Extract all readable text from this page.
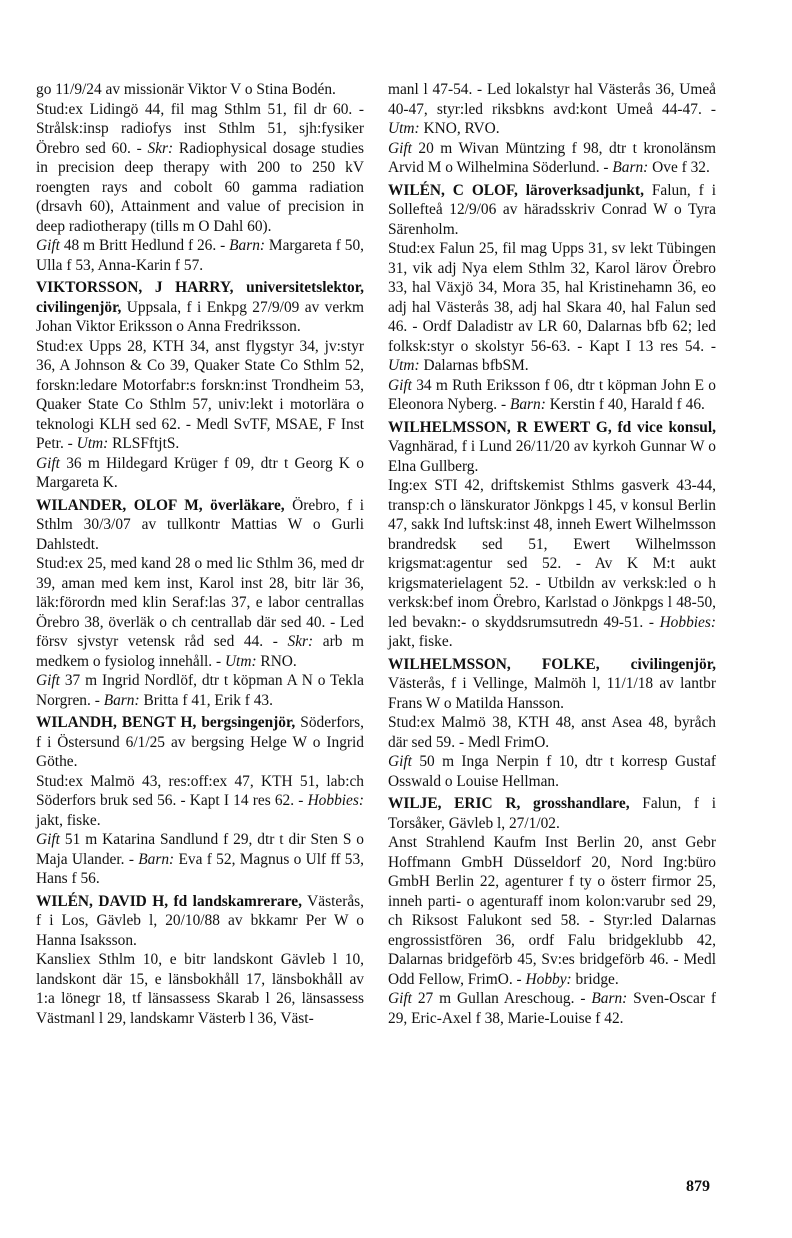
go 11/9/24 av missionär Viktor V o Stina Bodén.

Stud:ex Lidingö 44, fil mag Sthlm 51, fil dr 60. - Strålsk:insp radiofys inst Sthlm 51, sjh:fysiker Örebro sed 60. - Skr: Radiophysical dosage studies in precision deep therapy with 200 to 250 kV roengten rays and cobolt 60 gamma radiation (drsavh 60), Attainment and value of precision in deep radiotherapy (tills m O Dahl 60).

Gift 48 m Britt Hedlund f 26. - Barn: Margareta f 50, Ulla f 53, Anna-Karin f 57.

VIKTORSSON, J HARRY, universitetslektor, civilingenjör, Uppsala, f i Enkpg 27/9/09 av verkm Johan Viktor Eriksson o Anna Fredriksson.

Stud:ex Upps 28, KTH 34, anst flygstyr 34, jv:styr 36, A Johnson & Co 39, Quaker State Co Sthlm 52, forskn:ledare Motorfabr:s forskn:inst Trondheim 53, Quaker State Co Sthlm 57, univ:lekt i motorlära o teknologi KLH sed 62. - Medl SvTF, MSAE, F Inst Petr. - Utm: RLSFftjtS.

Gift 36 m Hildegard Krüger f 09, dtr t Georg K o Margareta K.

WILANDER, OLOF M, överläkare, Örebro, f i Sthlm 30/3/07 av tullkontr Mattias W o Gurli Dahlstedt.

Stud:ex 25, med kand 28 o med lic Sthlm 36, med dr 39, aman med kem inst, Karol inst 28, bitr lär 36, läk:förordn med klin Seraf:las 37, e labor centrallas Örebro 38, överläk o ch centrallab där sed 40. - Led försv sjvstyr vetensk råd sed 44. - Skr: arb m medkem o fysiolog innehåll. - Utm: RNO.

Gift 37 m Ingrid Nordlöf, dtr t köpman A N o Tekla Norgren. - Barn: Britta f 41, Erik f 43.

WILANDH, BENGT H, bergsingenjör, Söderfors, f i Östersund 6/1/25 av bergsing Helge W o Ingrid Göthe.

Stud:ex Malmö 43, res:off:ex 47, KTH 51, lab:ch Söderfors bruk sed 56. - Kapt I 14 res 62. - Hobbies: jakt, fiske.

Gift 51 m Katarina Sandlund f 29, dtr t dir Sten S o Maja Ulander. - Barn: Eva f 52, Magnus o Ulf ff 53, Hans f 56.

WILÉN, DAVID H, fd landskamrerare, Västerås, f i Los, Gävleb l, 20/10/88 av bkkamr Per W o Hanna Isaksson.

Kansliex Sthlm 10, e bitr landskont Gävleb l 10, landskont där 15, e länsbokhåll 17, länsbokhåll av 1:a lönegr 18, tf länsassess Skarab l 26, länsassess Västmanl l 29, landskamr Västerb l 36, Väst-

manl l 47-54. - Led lokalstyr hal Västerås 36, Umeå 40-47, styr:led riksbkns avd:kont Umeå 44-47. - Utm: KNO, RVO.

Gift 20 m Wivan Müntzing f 98, dtr t kronolänsm Arvid M o Wilhelmina Söderlund. - Barn: Ove f 32.

WILÉN, C OLOF, läroverksadjunkt, Falun, f i Sollefteå 12/9/06 av häradsskriv Conrad W o Tyra Särenholm.

Stud:ex Falun 25, fil mag Upps 31, sv lekt Tübingen 31, vik adj Nya elem Sthlm 32, Karol lärov Örebro 33, hal Växjö 34, Mora 35, hal Kristinehamn 36, eo adj hal Västerås 38, adj hal Skara 40, hal Falun sed 46. - Ordf Daladistr av LR 60, Dalarnas bfb 62; led folksk:styr o skolstyr 56-63. - Kapt I 13 res 54. - Utm: Dalarnas bfbSM.

Gift 34 m Ruth Eriksson f 06, dtr t köpman John E o Eleonora Nyberg. - Barn: Kerstin f 40, Harald f 46.

WILHELMSSON, R EWERT G, fd vice konsul, Vagnhärad, f i Lund 26/11/20 av kyrkoh Gunnar W o Elna Gullberg.

Ing:ex STI 42, driftskemist Sthlms gasverk 43-44, transp:ch o länskurator Jönkpgs l 45, v konsul Berlin 47, sakk Ind luftsk:inst 48, inneh Ewert Wilhelmsson brandredsk sed 51, Ewert Wilhelmsson krigsmat:agentur sed 52. - Av K M:t aukt krigsmaterielagent 52. - Utbildn av verksk:led o h verksk:bef inom Örebro, Karlstad o Jönkpgs l 48-50, led bevakn:- o skyddsrumsutredn 49-51. - Hobbies: jakt, fiske.

WILHELMSSON, FOLKE, civilingenjör, Västerås, f i Vellinge, Malmöh l, 11/1/18 av lantbr Frans W o Matilda Hansson.

Stud:ex Malmö 38, KTH 48, anst Asea 48, byråch där sed 59. - Medl FrimO.

Gift 50 m Inga Nerpin f 10, dtr t korresp Gustaf Osswald o Louise Hellman.

WILJE, ERIC R, grosshandlare, Falun, f i Torsåker, Gävleb l, 27/1/02.

Anst Strahlend Kaufm Inst Berlin 20, anst Gebr Hoffmann GmbH Düsseldorf 20, Nord Ing:büro GmbH Berlin 22, agenturer f ty o österr firmor 25, inneh parti- o agenturaff inom kolon:varubr sed 29, ch Riksost Falukont sed 58. - Styr:led Dalarnas engrossistfören 36, ordf Falu bridgeklubb 42, Dalarnas bridgeförb 45, Sv:es bridgeförb 46. - Medl Odd Fellow, FrimO. - Hobby: bridge.

Gift 27 m Gullan Areschoug. - Barn: Sven-Oscar f 29, Eric-Axel f 38, Marie-Louise f 42.

879
